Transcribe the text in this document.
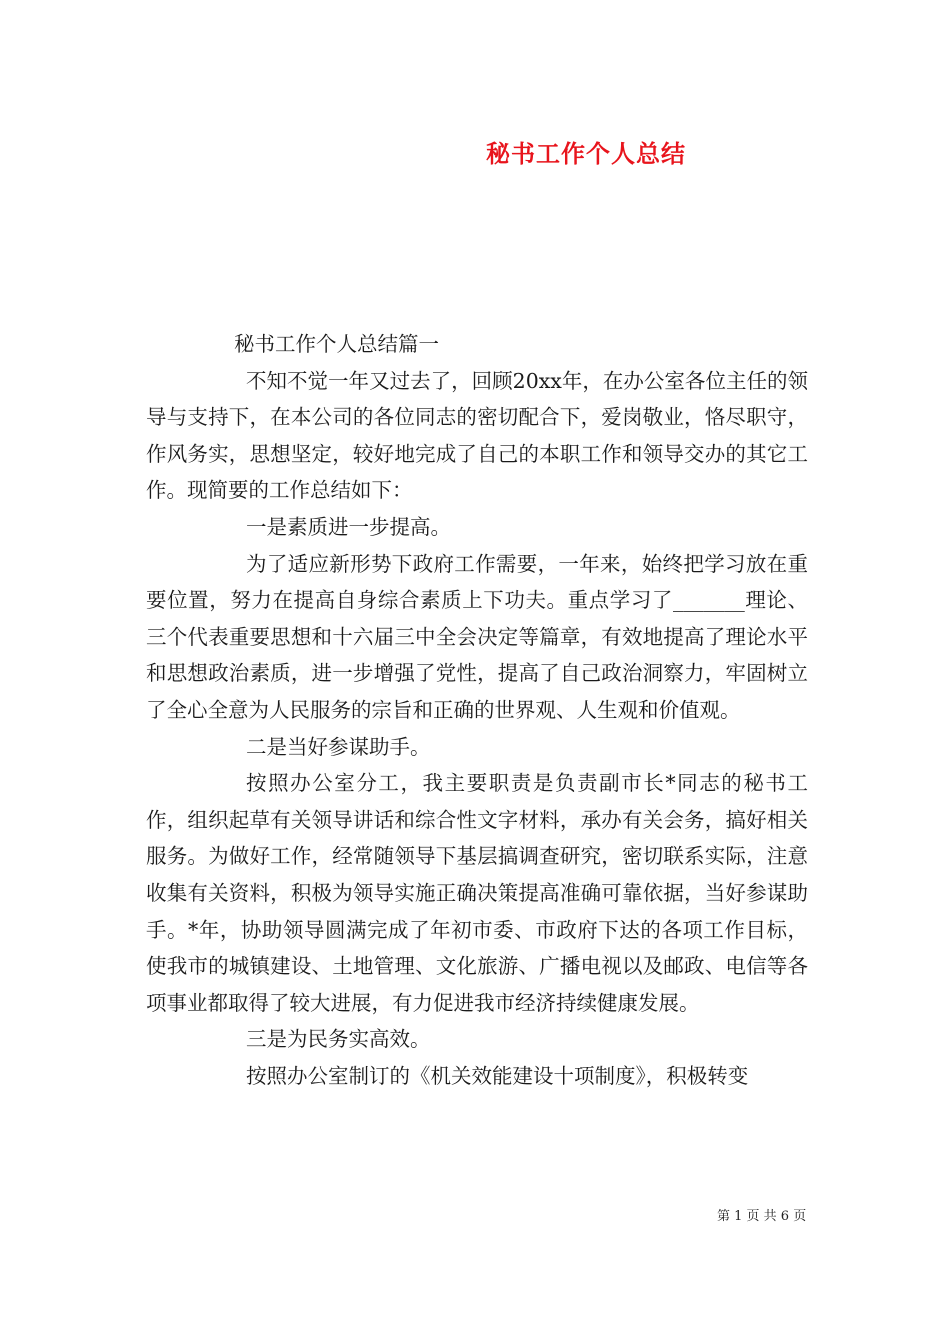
秘书工作个人总结

秘书工作个人总结篇一

不知不觉一年又过去了，回顾20xx年，在办公室各位主任的领导与支持下，在本公司的各位同志的密切配合下，爱岗敬业，恪尽职守，作风务实，思想坚定，较好地完成了自己的本职工作和领导交办的其它工作。现简要的工作总结如下：

一是素质进一步提高。

为了适应新形势下政府工作需要，一年来，始终把学习放在重要位置，努力在提高自身综合素质上下功夫。重点学习了_______理论、三个代表重要思想和十六届三中全会决定等篇章，有效地提高了理论水平和思想政治素质，进一步增强了党性，提高了自己政治洞察力，牢固树立了全心全意为人民服务的宗旨和正确的世界观、人生观和价值观。

二是当好参谋助手。

按照办公室分工，我主要职责是负责副市长*同志的秘书工作，组织起草有关领导讲话和综合性文字材料，承办有关会务，搞好相关服务。为做好工作，经常随领导下基层搞调查研究，密切联系实际，注意收集有关资料，积极为领导实施正确决策提高准确可靠依据，当好参谋助手。*年，协助领导圆满完成了年初市委、市政府下达的各项工作目标，使我市的城镇建设、土地管理、文化旅游、广播电视以及邮政、电信等各项事业都取得了较大进展，有力促进我市经济持续健康发展。

三是为民务实高效。

按照办公室制订的《机关效能建设十项制度》，积极转变

第 1 页 共 6 页
